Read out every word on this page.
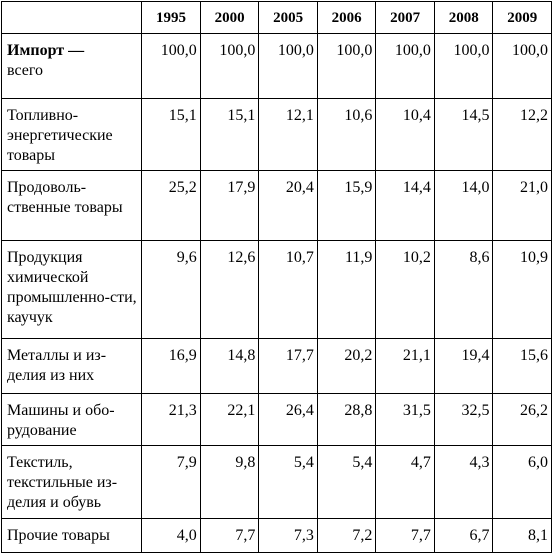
	1995	2000	2005	2006	2007	2008	2009
Импорт —
всего	100,0	100,0	100,0	100,0	100,0	100,0	100,0
Топливно-энергетические товары	15,1	15,1	12,1	10,6	10,4	14,5	12,2
Продоволь-ственные товары	25,2	17,9	20,4	15,9	14,4	14,0	21,0
Продукция химической промышленно-сти, каучук	9,6	12,6	10,7	11,9	10,2	8,6	10,9
Металлы и из-делия из них	16,9	14,8	17,7	20,2	21,1	19,4	15,6
Машины и обо-рудование	21,3	22,1	26,4	28,8	31,5	32,5	26,2
Текстиль, текстильные из-делия и обувь	7,9	9,8	5,4	5,4	4,7	4,3	6,0
Прочие товары	4,0	7,7	7,3	7,2	7,7	6,7	8,1
